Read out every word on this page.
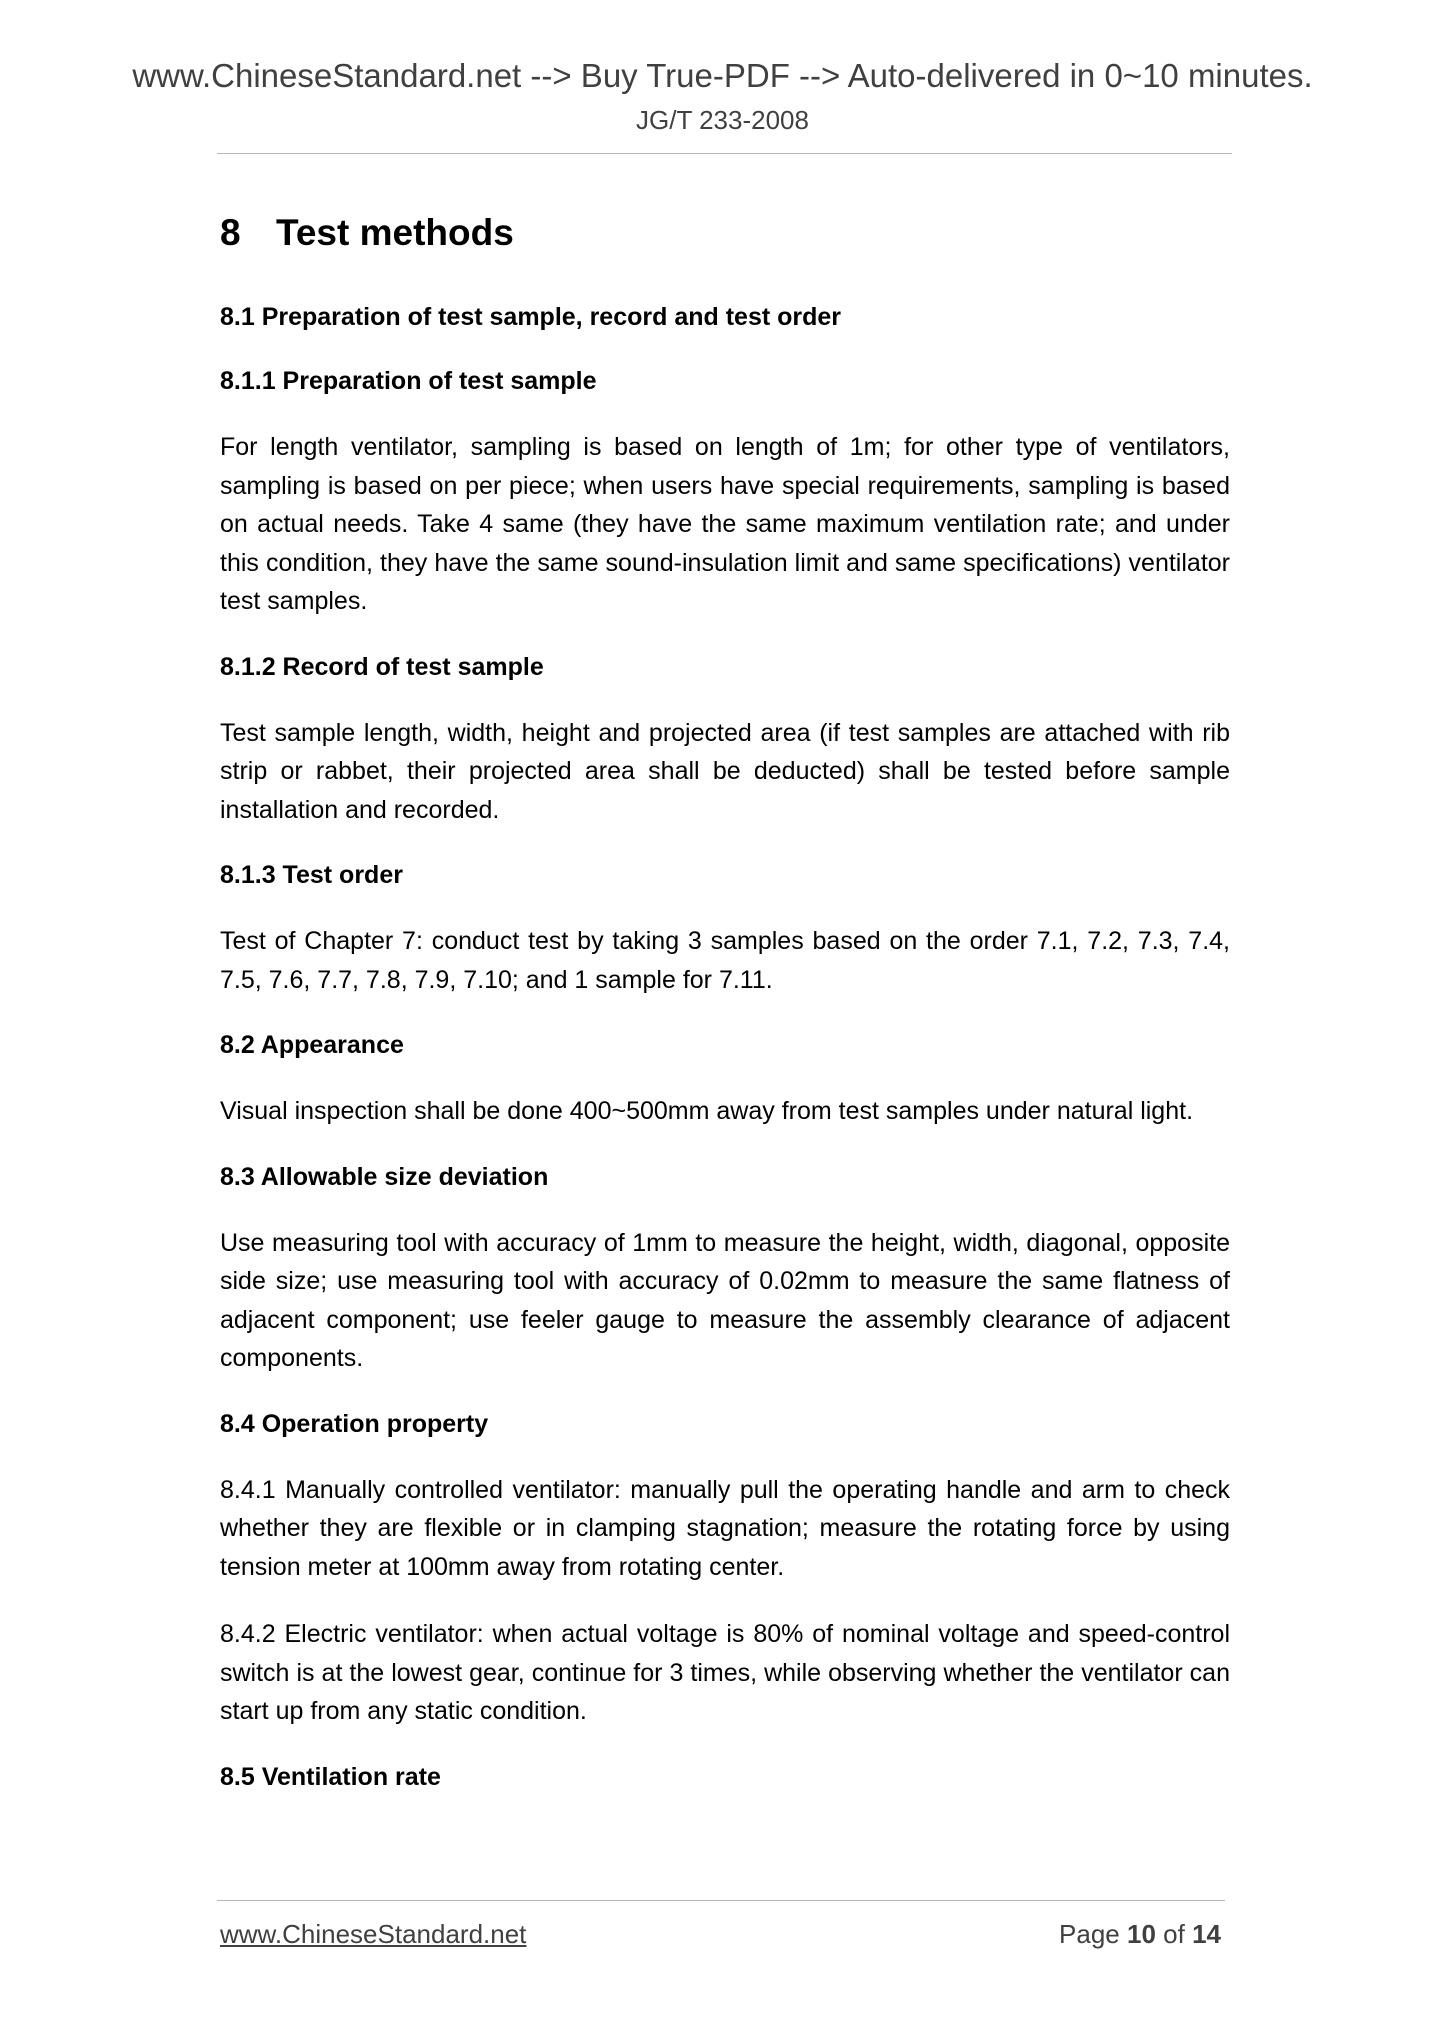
www.ChineseStandard.net --> Buy True-PDF --> Auto-delivered in 0~10 minutes.
JG/T 233-2008
8 Test methods
8.1 Preparation of test sample, record and test order
8.1.1 Preparation of test sample

For length ventilator, sampling is based on length of 1m; for other type of ventilators, sampling is based on per piece; when users have special requirements, sampling is based on actual needs. Take 4 same (they have the same maximum ventilation rate; and under this condition, they have the same sound-insulation limit and same specifications) ventilator test samples.

8.1.2 Record of test sample

Test sample length, width, height and projected area (if test samples are attached with rib strip or rabbet, their projected area shall be deducted) shall be tested before sample installation and recorded.

8.1.3 Test order

Test of Chapter 7: conduct test by taking 3 samples based on the order 7.1, 7.2, 7.3, 7.4, 7.5, 7.6, 7.7, 7.8, 7.9, 7.10; and 1 sample for 7.11.

8.2 Appearance

Visual inspection shall be done 400~500mm away from test samples under natural light.

8.3 Allowable size deviation

Use measuring tool with accuracy of 1mm to measure the height, width, diagonal, opposite side size; use measuring tool with accuracy of 0.02mm to measure the same flatness of adjacent component; use feeler gauge to measure the assembly clearance of adjacent components.

8.4 Operation property

8.4.1 Manually controlled ventilator: manually pull the operating handle and arm to check whether they are flexible or in clamping stagnation; measure the rotating force by using tension meter at 100mm away from rotating center.

8.4.2 Electric ventilator: when actual voltage is 80% of nominal voltage and speed-control switch is at the lowest gear, continue for 3 times, while observing whether the ventilator can start up from any static condition.

8.5 Ventilation rate
www.ChineseStandard.net	Page 10 of 14
